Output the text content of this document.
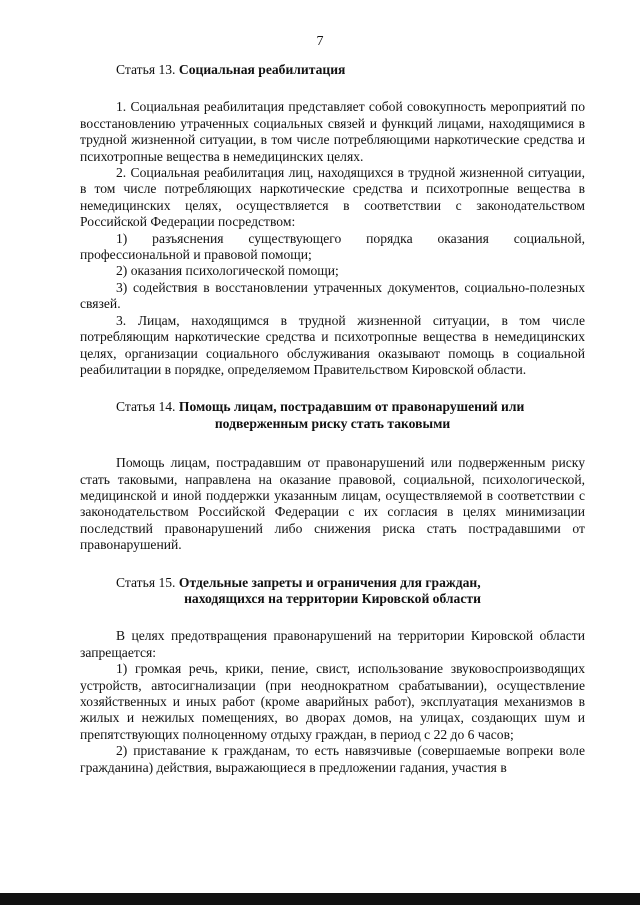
7
Статья 13. Социальная реабилитация

1. Социальная реабилитация представляет собой совокупность мероприятий по восстановлению утраченных социальных связей и функций лицами, находящимися в трудной жизненной ситуации, в том числе потребляющими наркотические средства и психотропные вещества в немедицинских целях.

2. Социальная реабилитация лиц, находящихся в трудной жизненной ситуации, в том числе потребляющих наркотические средства и психотропные вещества в немедицинских целях, осуществляется в соответствии с законодательством Российской Федерации посредством:

1) разъяснения существующего порядка оказания социальной, профессиональной и правовой помощи;

2) оказания психологической помощи;

3) содействия в восстановлении утраченных документов, социально-полезных связей.

3. Лицам, находящимся в трудной жизненной ситуации, в том числе потребляющим наркотические средства и психотропные вещества в немедицинских целях, организации социального обслуживания оказывают помощь в социальной реабилитации в порядке, определяемом Правительством Кировской области.

Статья 14. Помощь лицам, пострадавшим от правонарушений или
подверженным риску стать таковыми

Помощь лицам, пострадавшим от правонарушений или подверженным риску стать таковыми, направлена на оказание правовой, социальной, психологической, медицинской и иной поддержки указанным лицам, осуществляемой в соответствии с законодательством Российской Федерации с их согласия в целях минимизации последствий правонарушений либо снижения риска стать пострадавшими от правонарушений.

Статья 15. Отдельные запреты и ограничения для граждан,
находящихся на территории Кировской области

В целях предотвращения правонарушений на территории Кировской области запрещается:

1) громкая речь, крики, пение, свист, использование звуковоспроизводящих устройств, автосигнализации (при неоднократном срабатывании), осуществление хозяйственных и иных работ (кроме аварийных работ), эксплуатация механизмов в жилых и нежилых помещениях, во дворах домов, на улицах, создающих шум и препятствующих полноценному отдыху граждан, в период с 22 до 6 часов;

2) приставание к гражданам, то есть навязчивые (совершаемые вопреки воле гражданина) действия, выражающиеся в предложении гадания, участия в
